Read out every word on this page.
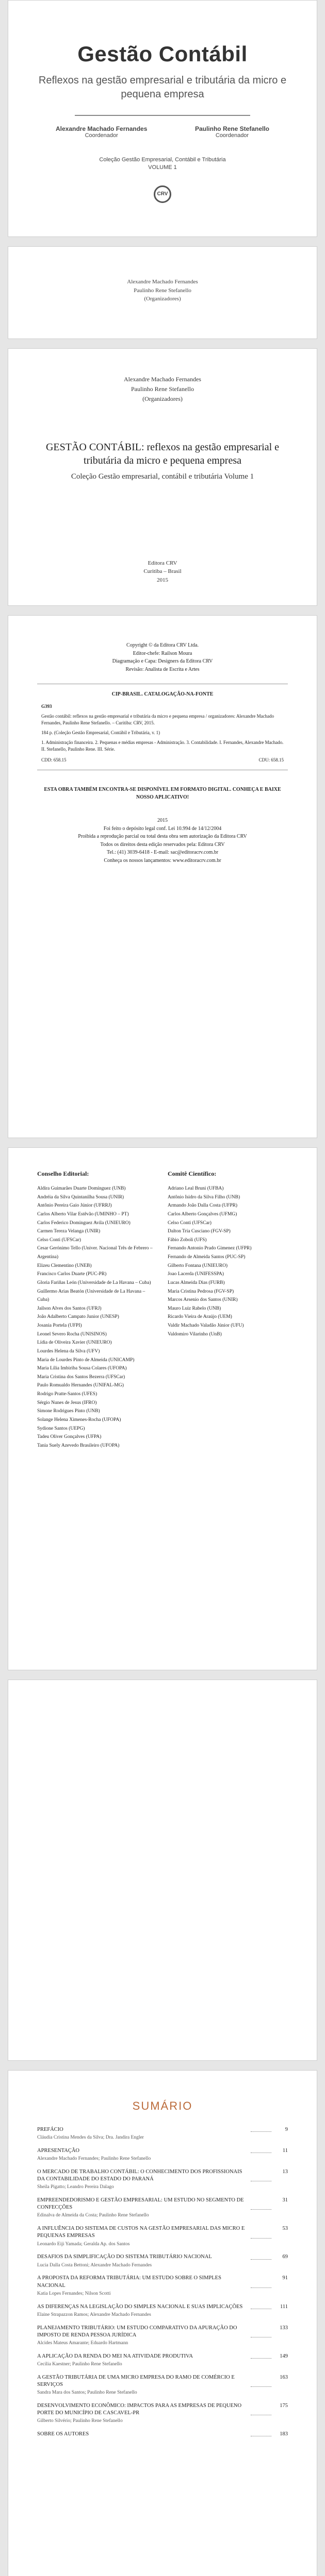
Gestão Contábil
Reflexos na gestão empresarial e tributária da micro e pequena empresa
Alexandre Machado Fernandes
Coordenador
Paulinho Rene Stefanello
Coordenador
Coleção Gestão Empresarial, Contábil e Tributária
VOLUME 1
CRV

Alexandre Machado Fernandes

Paulinho Rene Stefanello

(Organizadores)

Alexandre Machado Fernandes
Paulinho Rene Stefanello
(Organizadores)
GESTÃO CONTÁBIL: reflexos na gestão empresarial e tributária da micro e pequena empresa
Coleção Gestão empresarial, contábil e tributária Volume 1
Editora CRV
Curitiba – Brasil
2015
Copyright © da Editora CRV Ltda.
Editor-chefe: Railson Moura
Diagramação e Capa: Designers da Editora CRV
Revisão: Analista de Escrita e Artes
CIP-BRASIL. CATALOGAÇÃO-NA-FONTE
G393
Gestão contábil: reflexos na gestão empresarial e tributária da micro e pequena empresa / organizadores: Alexandre Machado Fernandes, Paulinho Rene Stefanello. – Curitiba: CRV, 2015.
184 p. (Coleção Gestão Empresarial, Contábil e Tributária, v. 1)
1. Administração financeira. 2. Pequenas e médias empresas - Administração. 3. Contabilidade. I. Fernandes, Alexandre Machado. II. Stefanello, Paulinho Rene. III. Série.
CDD: 658.15	CDU: 658.15
ESTA OBRA TAMBÉM ENCONTRA-SE DISPONÍVEL EM FORMATO DIGITAL. CONHEÇA E BAIXE NOSSO APLICATIVO!
2015
Foi feito o depósito legal conf. Lei 10.994 de 14/12/2004
Proibida a reprodução parcial ou total desta obra sem autorização da Editora CRV
Todos os direitos desta edição reservados pela: Editora CRV
Tel.: (41) 3039-6418 - E-mail: sac@editoracrv.com.br
Conheça os nossos lançamentos: www.editoracrv.com.br
Conselho Editorial:
Aldira Guimarães Duarte Domínguez (UNB)
Andréia da Silva Quintanilha Sousa (UNIR)
Antônio Pereira Gaio Júnior (UFRRJ)
Carlos Alberto Vilar Estêvão (UMINHO – PT)
Carlos Federico Dominguez Avila (UNIEURO)
Carmen Tereza Velanga (UNIR)
Celso Conti (UFSCar)
Cesar Gerónimo Tello (Univer. Nacional Três de Febrero – Argentina)
Elizeu Clementino (UNEB)
Francisco Carlos Duarte (PUC-PR)
Gloria Fariñas León (Universidade de La Havana – Cuba)
Guillermo Arias Beatón (Universidade de La Havana – Cuba)
Jailson Alves dos Santos (UFRJ)
João Adalberto Campato Junior (UNESP)
Josania Portela (UFPI)
Leonel Severo Rocha (UNISINOS)
Lídia de Oliveira Xavier (UNIEURO)
Lourdes Helena da Silva (UFV)
Maria de Lourdes Pinto de Almeida (UNICAMP)
Maria Lília Imbiriba Sousa Colares (UFOPA)
Maria Cristina dos Santos Bezerra (UFSCar)
Paulo Romualdo Hernandes (UNIFAL-MG)
Rodrigo Pratte-Santos (UFES)
Sérgio Nunes de Jesus (IFRO)
Simone Rodrigues Pinto (UNB)
Solange Helena Ximenes-Rocha (UFOPA)
Sydione Santos (UEPG)
Tadeu Oliver Gonçalves (UFPA)
Tania Suely Azevedo Brasileiro (UFOPA)
Comitê Científico:
Adriano Leal Bruni (UFBA)
Antônio Isidro da Silva Filho (UNB)
Armando João Dalla Costa (UFPR)
Carlos Alberto Gonçalves (UFMG)
Celso Conti (UFSCar)
Dalton Tria Cusciano (FGV-SP)
Fábio Zoboli (UFS)
Fernando Antonio Prado Gimenez (UFPR)
Fernando de Almeida Santos (PUC-SP)
Gilberto Fontana (UNIEURO)
Joao Lacerda (UNIFESSPA)
Lucas Almeida Dias (FURB)
Maria Cristina Pedrosa (FGV-SP)
Marcos Arsenio dos Santos (UNIR)
Mauro Luiz Rabelo (UNB)
Ricardo Vieira de Araújo (UEM)
Valdir Machado Valadão Júnior (UFU)
Valdomiro Vilarinho (UnB)
SUMÁRIO
PREFÁCIO	9
Cláudia Cristina Mendes da Silva; Dra. Jandira Engler
APRESENTAÇÃO	11
Alexandre Machado Fernandes; Paulinho Rene Stefanello
O MERCADO DE TRABALHO CONTÁBIL: O CONHECIMENTO DOS PROFISSIONAIS DA CONTABILIDADE DO ESTADO DO PARANÁ
13
Sheila Pigatto; Leandro Pereira Dalago
EMPREENDEDORISMO E GESTÃO EMPRESARIAL: UM ESTUDO NO SEGMENTO DE CONFECÇÕES
31
Edinalva de Almeida da Costa; Paulinho Rene Stefanello
A INFLUÊNCIA DO SISTEMA DE CUSTOS NA GESTÃO EMPRESARIAL DAS MICRO E PEQUENAS EMPRESAS
53
Leonardo Eiji Yamada; Geralda Ap. dos Santos
DESAFIOS DA SIMPLIFICAÇÃO DO SISTEMA TRIBUTÁRIO NACIONAL	69
Lucia Dalla Costa Bettoni; Alexandre Machado Fernandes
A PROPOSTA DA REFORMA TRIBUTÁRIA: UM ESTUDO SOBRE O SIMPLES NACIONAL
91
Katia Lopes Fernandes; Nilson Scotti
AS DIFERENÇAS NA LEGISLAÇÃO DO SIMPLES NACIONAL E SUAS IMPLICAÇÕES	111
Elaine Strapazzon Ramos; Alexandre Machado Fernandes
PLANEJAMENTO TRIBUTÁRIO: UM ESTUDO COMPARATIVO DA APURAÇÃO DO IMPOSTO DE RENDA PESSOA JURÍDICA
133
Alcides Mateus Amarante; Eduardo Hartmann
A APLICAÇÃO DA RENDA DO MEI NA ATIVIDADE PRODUTIVA	149
Cecilia Kaestner; Paulinho Rene Stefanello
A GESTÃO TRIBUTÁRIA DE UMA MICRO EMPRESA DO RAMO DE COMÉRCIO E SERVIÇOS
163
Sandra Mara dos Santos; Paulinho Rene Stefanello
DESENVOLVIMENTO ECONÔMICO: IMPACTOS PARA AS EMPRESAS DE PEQUENO PORTE DO MUNICÍPIO DE CASCAVEL-PR
175
Gilberto Silvério; Paulinho Rene Stefanello
SOBRE OS AUTORES	183
